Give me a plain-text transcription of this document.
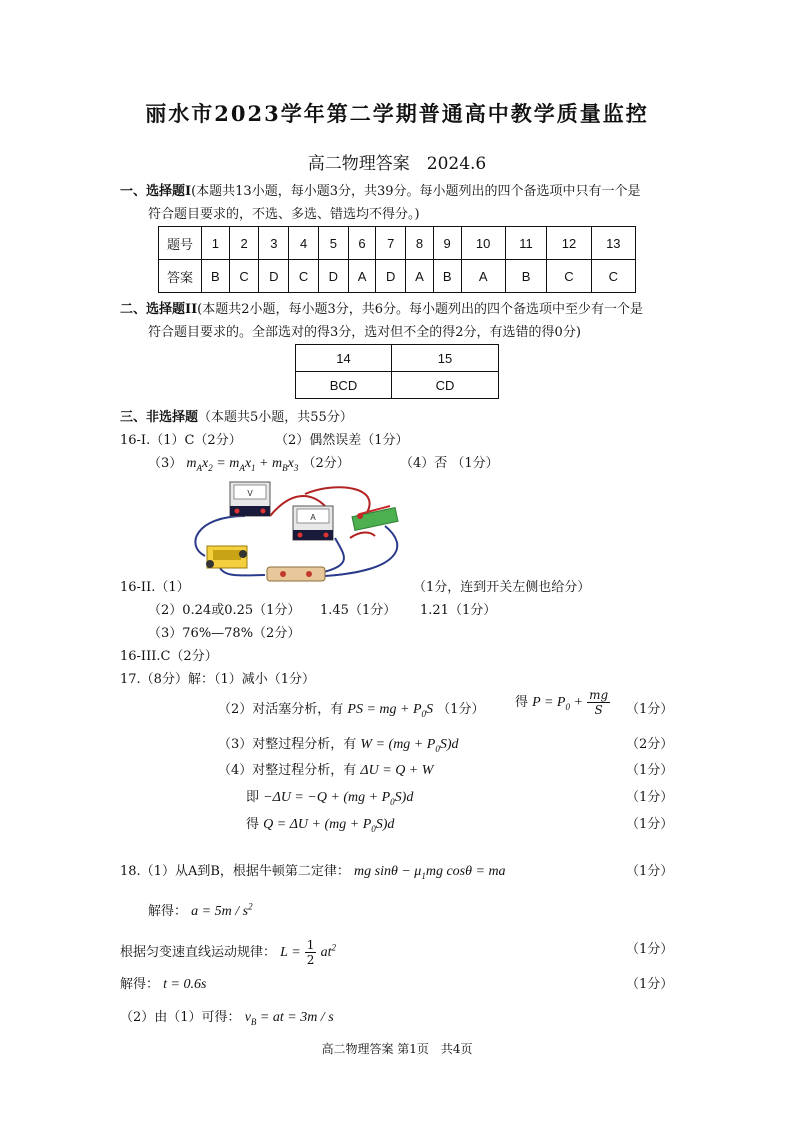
丽水市2023学年第二学期普通高中教学质量监控
高二物理答案　2024.6
一、选择题I(本题共13小题，每小题3分，共39分。每小题列出的四个备选项中只有一个是
符合题目要求的，不选、多选、错选均不得分。)
题号	1	2	3	4	5	6	7	8	9	10	11	12	13
答案	B	C	D	C	D	A	D	A	B	A	B	C	C
二、选择题II(本题共2小题，每小题3分，共6分。每小题列出的四个备选项中至少有一个是
符合题目要求的。全部选对的得3分，选对但不全的得2分，有选错的得0分)
14	15
BCD	CD
三、非选择题（本题共5小题，共55分）
16-I.（1）C（2分）	（2）偶然误差（1分）
（3） $m_Ax_2 = m_Ax_1 + m_Bx_3$ （2分）	（4）否 （1分）
V
A
16-II.（1）	（1分，连到开关左侧也给分）
（2）0.24或0.25（1分） 1.45（1分） 1.21（1分）
（3）76%—78%（2分）
16-III.C（2分）
17.（8分）解：（1）减小（1分）
（2）对活塞分析，有 PS = mg + $P_0S$ （1分） 得 $P = P_0 + \frac{mg}{S} (1$分）
（3）对整过程分析，有 $W = (mg + P_0S)d$	（2分）
（4）对整过程分析，有 ΔU = Q + W	（1分）
即 $-\Delta U = -Q + (mg + P_0S)d$	（1分）
得 $Q = \Delta U + (mg + P_0S)d$	（1分）
18.（1）从A到B，根据牛顿第二定律： mg $\sin\theta - \mu_1mg$ cosθ = ma	（1分）
解得： $a = 5m / s^2$
根据匀变速直线运动规律： $L = \frac{1}{2} at^2$	（1分）
解得： t = 0.6s	（1分）
（2）由（1）可得： $v_B$ = at = 3m / s
高二物理答案 第1页　共4页
